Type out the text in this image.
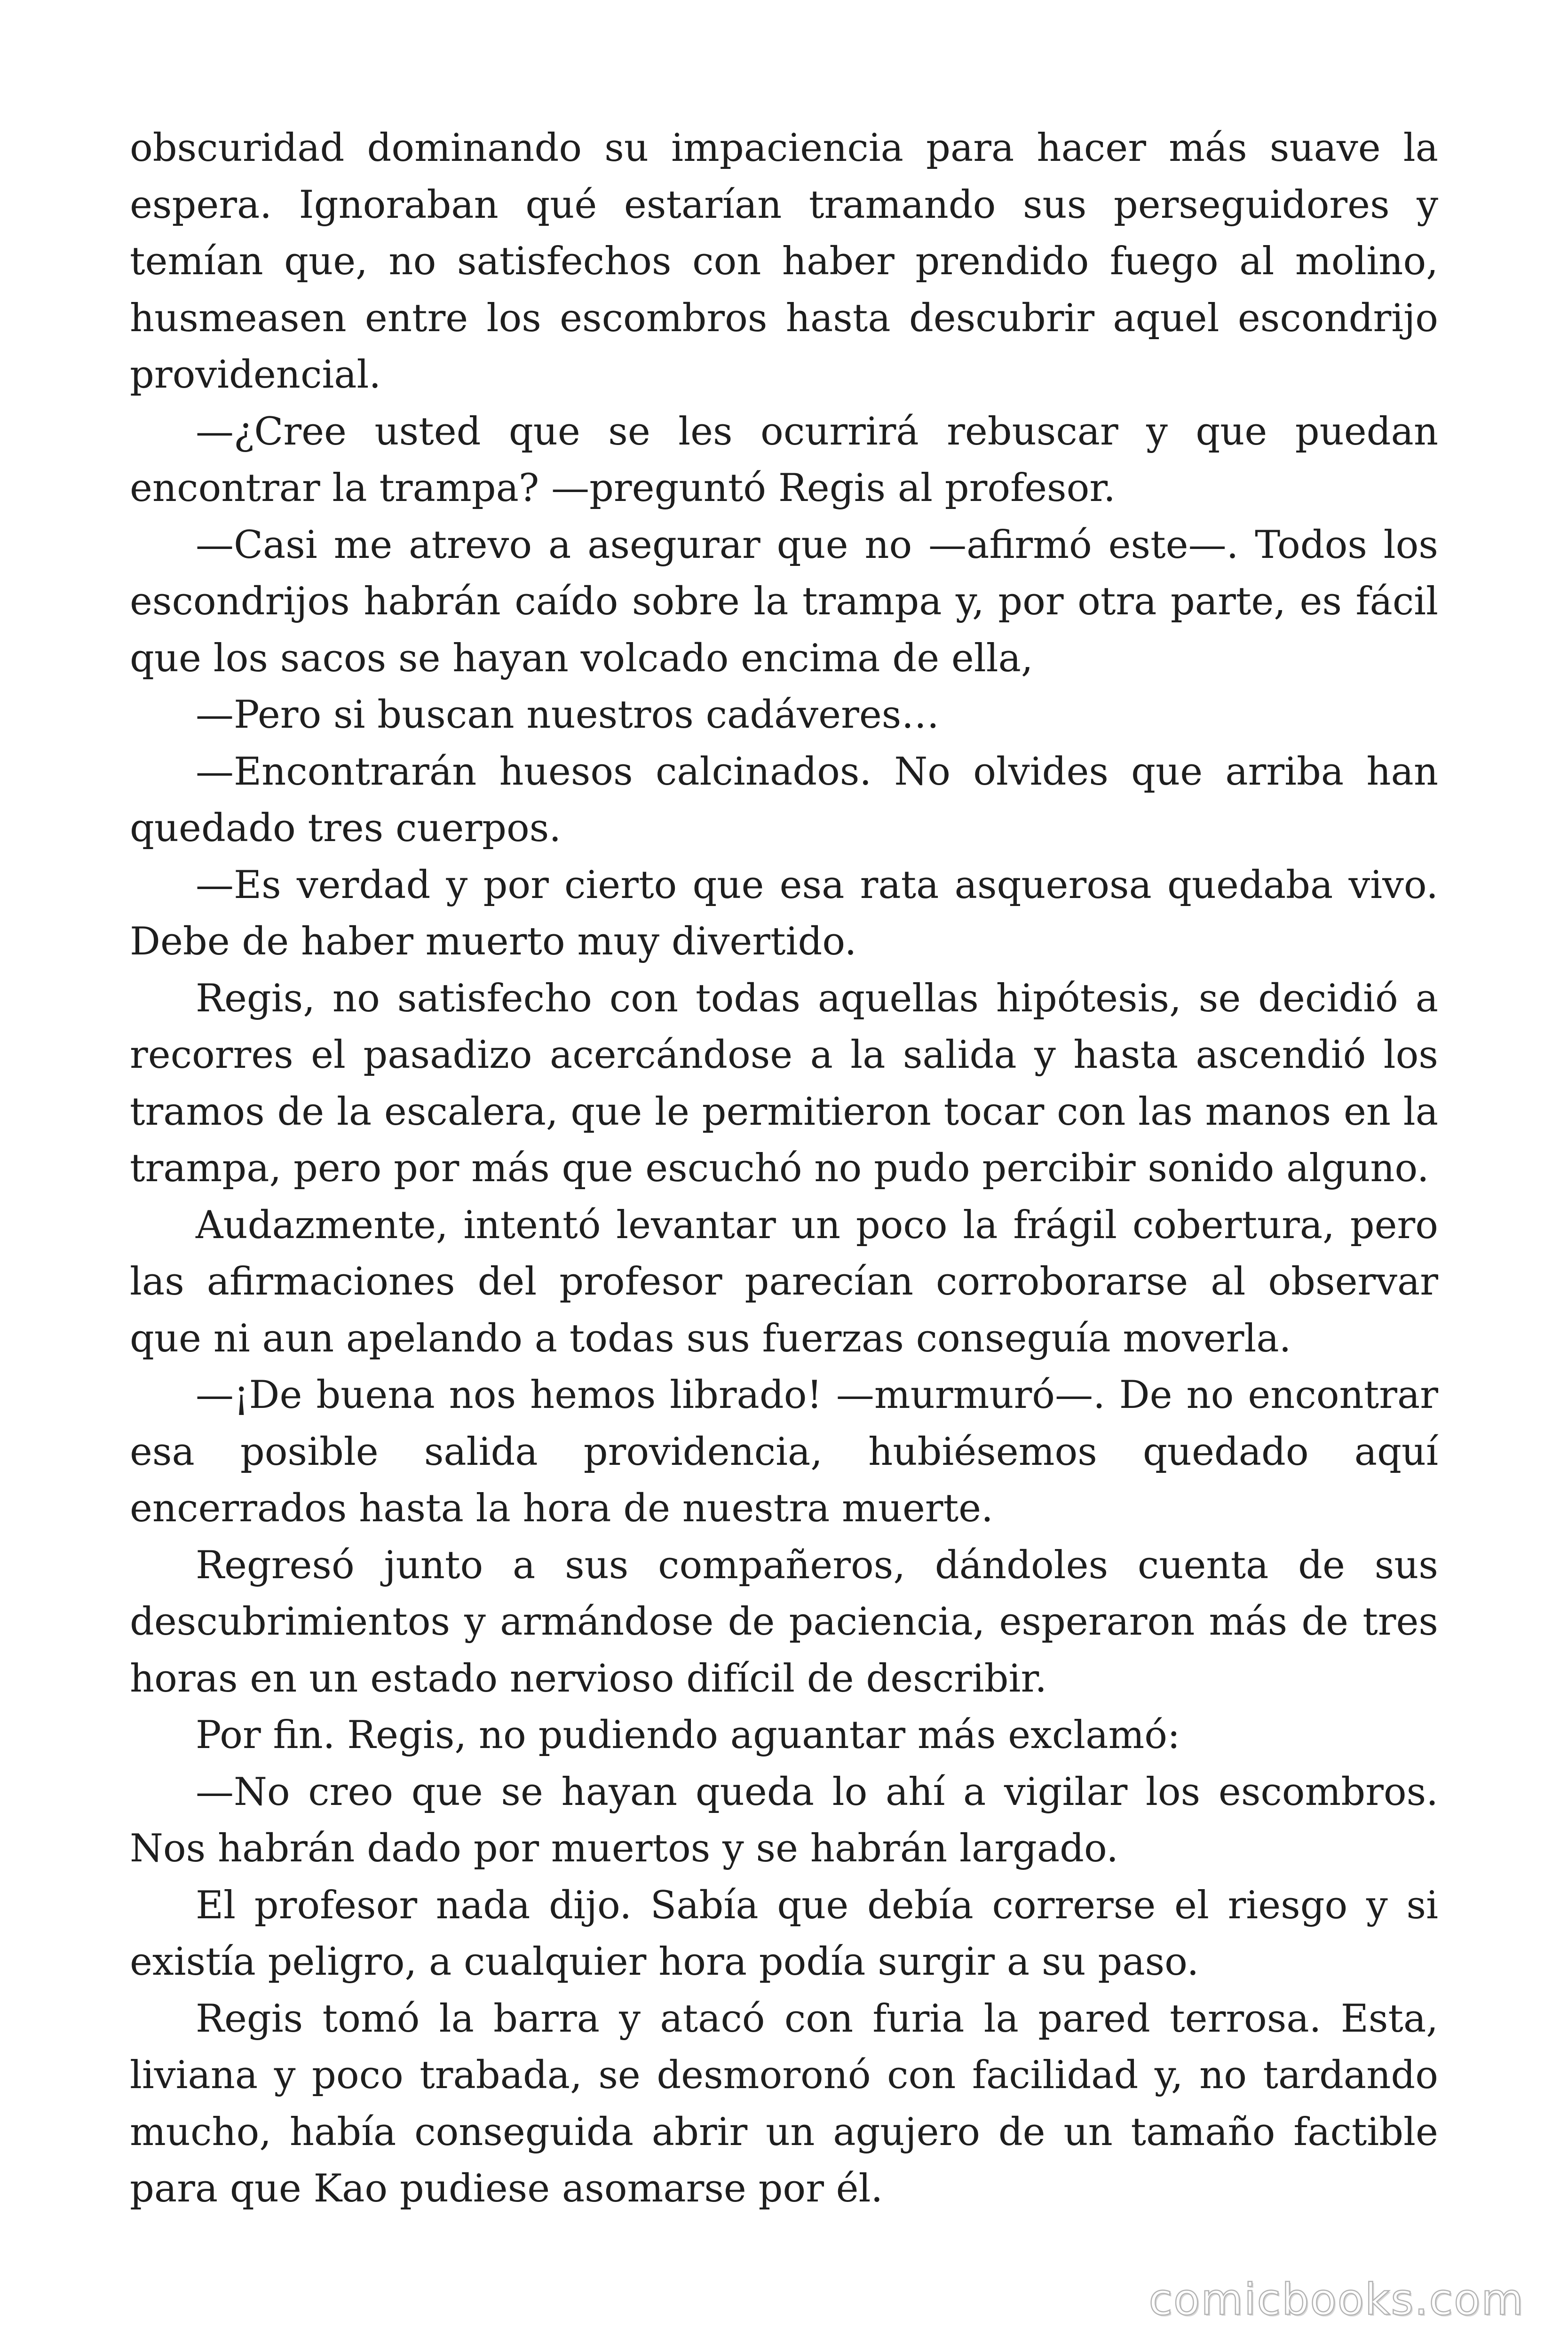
obscuridad dominando su impaciencia para hacer más suave la espera. Ignoraban qué estarían tramando sus perseguidores y temían que, no satisfechos con haber prendido fuego al molino, husmeasen entre los escombros hasta descubrir aquel escondrijo providencial.

—¿Cree usted que se les ocurrirá rebuscar y que puedan encontrar la trampa? —preguntó Regis al profesor.

—Casi me atrevo a asegurar que no —afirmó este—. Todos los escondrijos habrán caído sobre la trampa y, por otra parte, es fácil que los sacos se hayan volcado encima de ella,

—Pero si buscan nuestros cadáveres…

—Encontrarán huesos calcinados. No olvides que arriba han quedado tres cuerpos.

—Es verdad y por cierto que esa rata asquerosa quedaba vivo. Debe de haber muerto muy divertido.

Regis, no satisfecho con todas aquellas hipótesis, se decidió a recorres el pasadizo acercándose a la salida y hasta ascendió los tramos de la escalera, que le permitieron tocar con las manos en la trampa, pero por más que escuchó no pudo percibir sonido alguno.

Audazmente, intentó levantar un poco la frágil cobertura, pero las afirmaciones del profesor parecían corroborarse al observar que ni aun apelando a todas sus fuerzas conseguía moverla.

—¡De buena nos hemos librado! —murmuró—. De no encontrar esa posible salida providencia, hubiésemos quedado aquí encerrados hasta la hora de nuestra muerte.

Regresó junto a sus compañeros, dándoles cuenta de sus descubrimientos y armándose de paciencia, esperaron más de tres horas en un estado nervioso difícil de describir.

Por fin. Regis, no pudiendo aguantar más exclamó:

—No creo que se hayan queda lo ahí a vigilar los escombros. Nos habrán dado por muertos y se habrán largado.

El profesor nada dijo. Sabía que debía correrse el riesgo y si existía peligro, a cualquier hora podía surgir a su paso.

Regis tomó la barra y atacó con furia la pared terrosa. Esta, liviana y poco trabada, se desmoronó con facilidad y, no tardando mucho, había conseguida abrir un agujero de un tamaño factible para que Kao pudiese asomarse por él.

comicbooks.com
